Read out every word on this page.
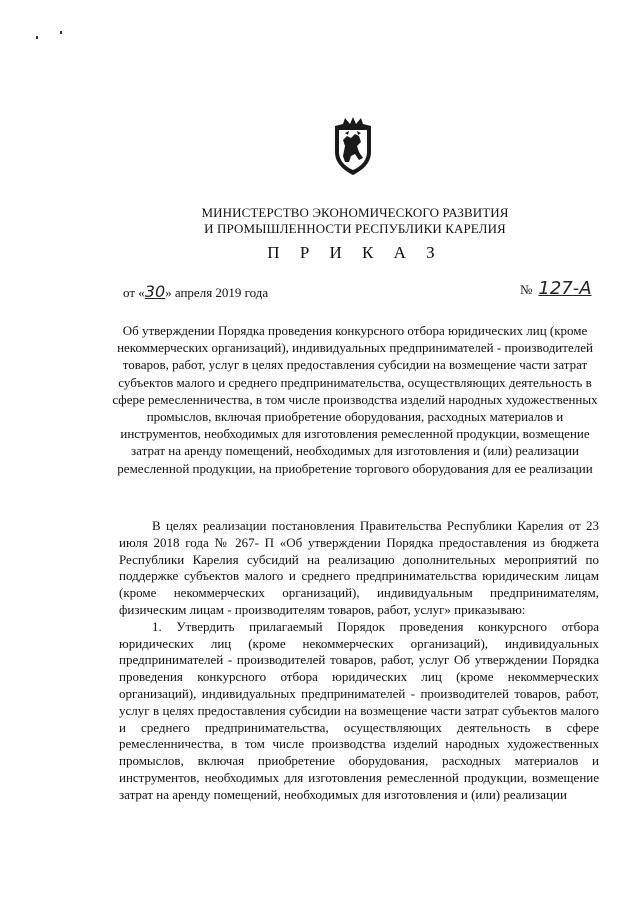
МИНИСТЕРСТВО ЭКОНОМИЧЕСКОГО РАЗВИТИЯ
И ПРОМЫШЛЕННОСТИ РЕСПУБЛИКИ КАРЕЛИЯ
П Р И К А З
от «30» апреля 2019 года	№ 127-А
Об утверждении Порядка проведения конкурсного отбора юридических лиц (кроме некоммерческих организаций), индивидуальных предпринимателей - производителей товаров, работ, услуг в целях предоставления субсидии на возмещение части затрат субъектов малого и среднего предпринимательства, осуществляющих деятельность в сфере ремесленничества, в том числе производства изделий народных художественных промыслов, включая приобретение оборудования, расходных материалов и инструментов, необходимых для изготовления ремесленной продукции, возмещение затрат на аренду помещений, необходимых для изготовления и (или) реализации ремесленной продукции, на приобретение торгового оборудования для ее реализации

В целях реализации постановления Правительства Республики Карелия от 23 июля 2018 года № 267- П «Об утверждении Порядка предоставления из бюджета Республики Карелия субсидий на реализацию дополнительных мероприятий по поддержке субъектов малого и среднего предпринимательства юридическим лицам (кроме некоммерческих организаций), индивидуальным предпринимателям, физическим лицам - производителям товаров, работ, услуг» приказываю:

1. Утвердить прилагаемый Порядок проведения конкурсного отбора юридических лиц (кроме некоммерческих организаций), индивидуальных предпринимателей - производителей товаров, работ, услуг Об утверждении Порядка проведения конкурсного отбора юридических лиц (кроме некоммерческих организаций), индивидуальных предпринимателей - производителей товаров, работ, услуг в целях предоставления субсидии на возмещение части затрат субъектов малого и среднего предпринимательства, осуществляющих деятельность в сфере ремесленничества, в том числе производства изделий народных художественных промыслов, включая приобретение оборудования, расходных материалов и инструментов, необходимых для изготовления ремесленной продукции, возмещение затрат на аренду помещений, необходимых для изготовления и (или) реализации
